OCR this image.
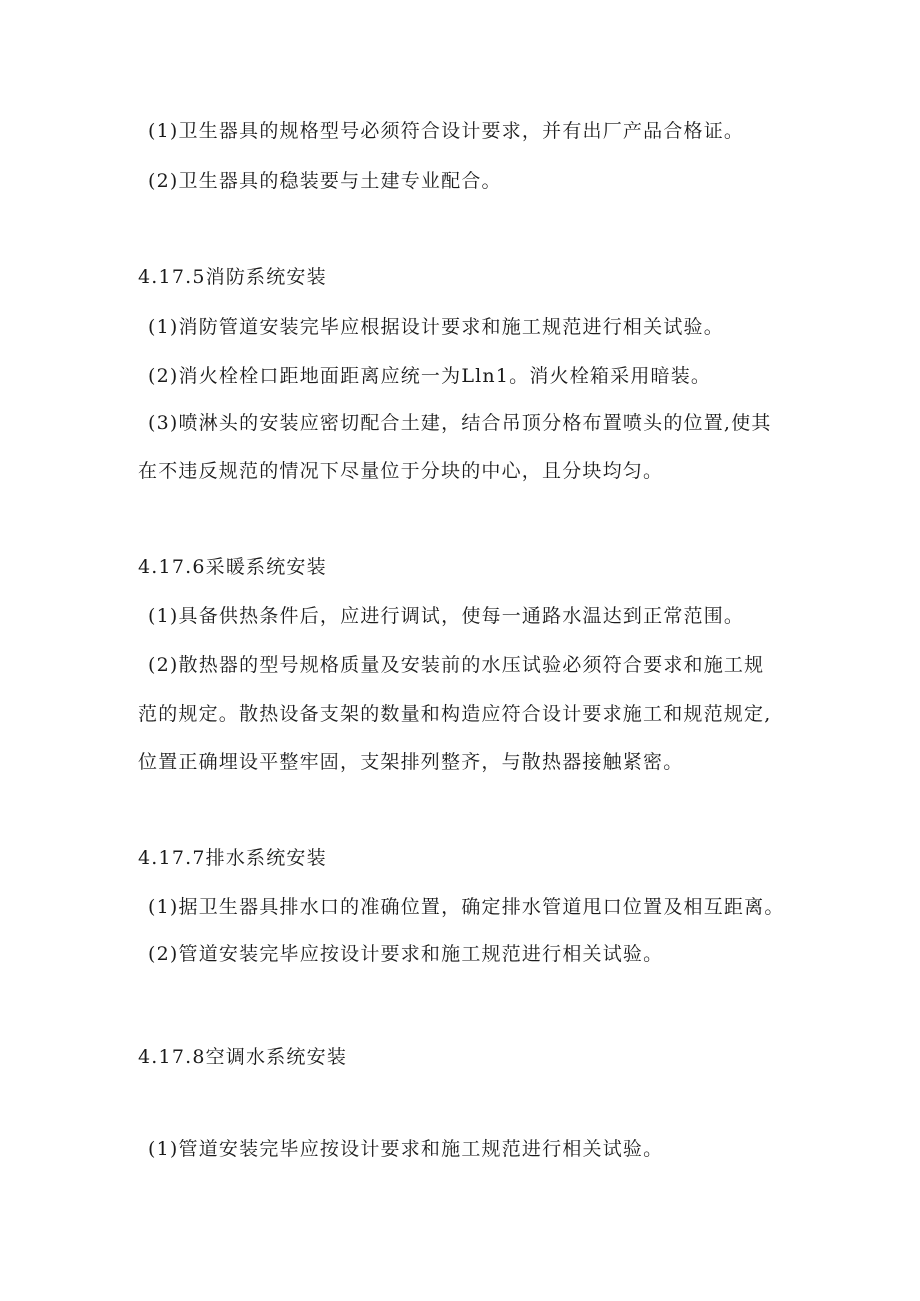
(1)卫生器具的规格型号必须符合设计要求，并有出厂产品合格证。
(2)卫生器具的稳装要与土建专业配合。
4.17.5消防系统安装
(1)消防管道安装完毕应根据设计要求和施工规范进行相关试验。
(2)消火栓栓口距地面距离应统一为Lln1。消火栓箱采用暗装。
(3)喷淋头的安装应密切配合土建，结合吊顶分格布置喷头的位置,使其
在不违反规范的情况下尽量位于分块的中心，且分块均匀。
4.17.6采暖系统安装
(1)具备供热条件后，应进行调试，使每一通路水温达到正常范围。
(2)散热器的型号规格质量及安装前的水压试验必须符合要求和施工规
范的规定。散热设备支架的数量和构造应符合设计要求施工和规范规定,
位置正确埋设平整牢固，支架排列整齐，与散热器接触紧密。
4.17.7排水系统安装
(1)据卫生器具排水口的准确位置，确定排水管道甩口位置及相互距离。
(2)管道安装完毕应按设计要求和施工规范进行相关试验。
4.17.8空调水系统安装
(1)管道安装完毕应按设计要求和施工规范进行相关试验。
